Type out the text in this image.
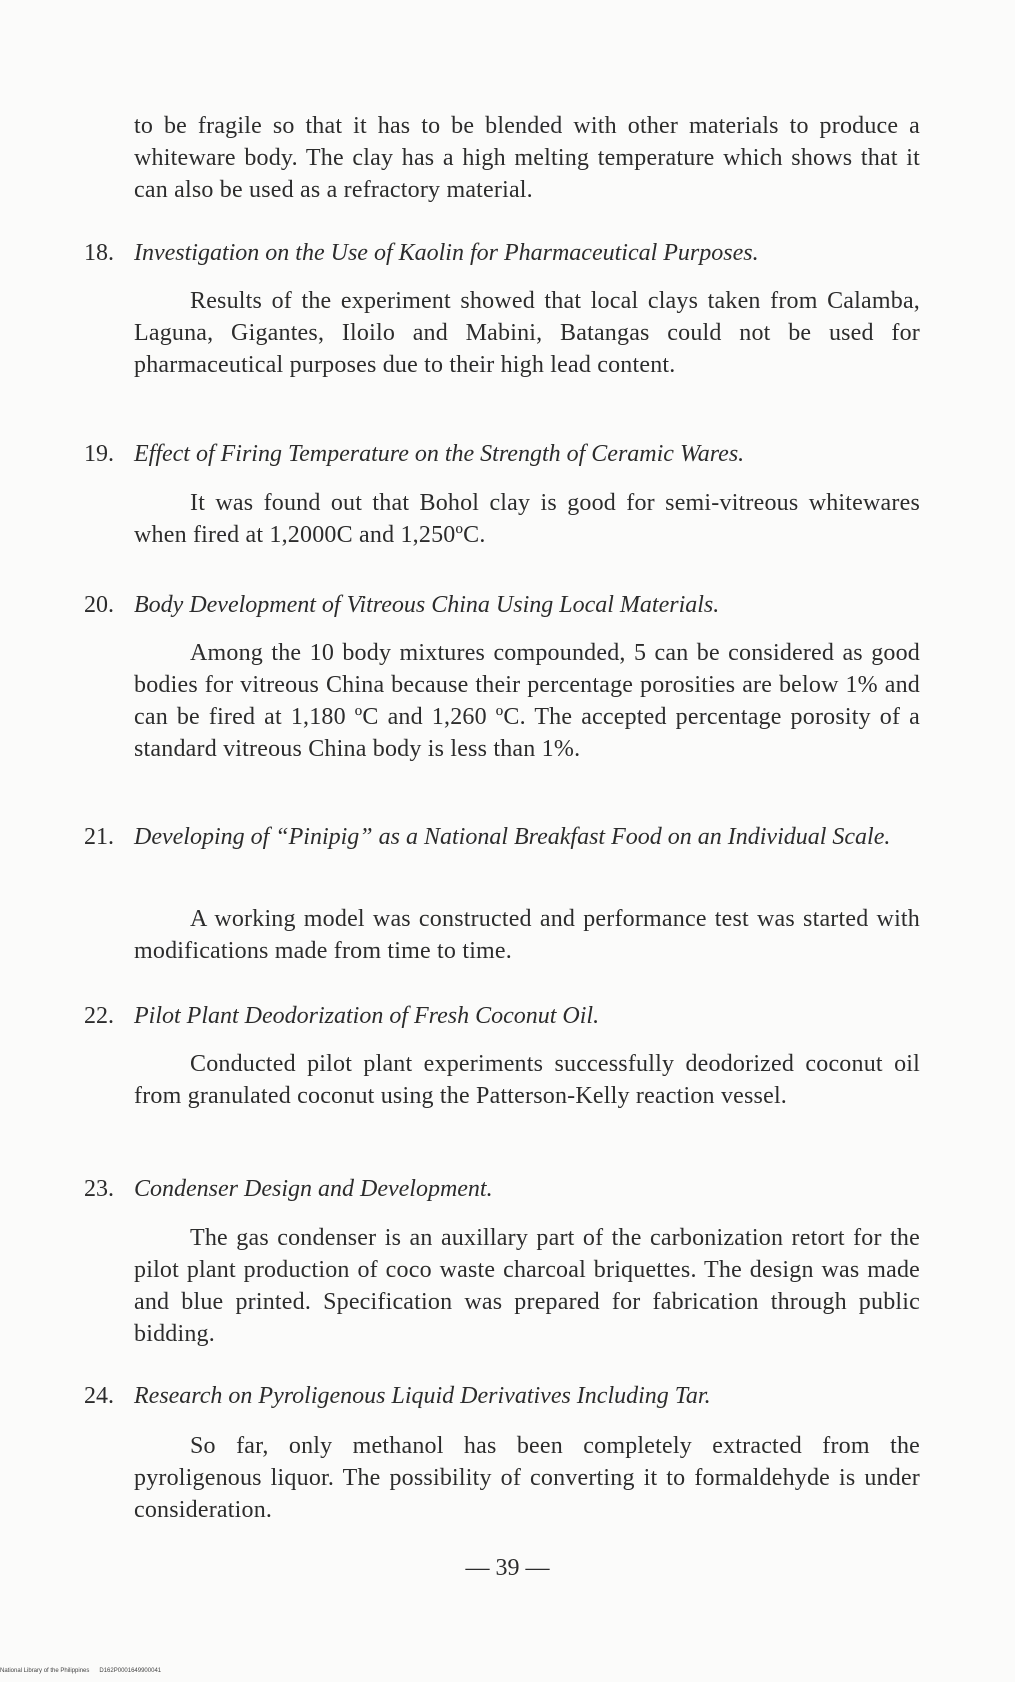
to be fragile so that it has to be blended with other materials to produce a whiteware body. The clay has a high melting temperature which shows that it can also be used as a refractory material.
18. Investigation on the Use of Kaolin for Pharmaceutical Purposes.
Results of the experiment showed that local clays taken from Calamba, Laguna, Gigantes, Iloilo and Mabini, Batangas could not be used for pharmaceutical purposes due to their high lead content.
19. Effect of Firing Temperature on the Strength of Ceramic Wares.
It was found out that Bohol clay is good for semi-vitreous whitewares when fired at 1,2000C and 1,250ºC.
20. Body Development of Vitreous China Using Local Materials.
Among the 10 body mixtures compounded, 5 can be considered as good bodies for vitreous China because their percentage porosities are below 1% and can be fired at 1,180 ºC and 1,260 ºC. The accepted percentage porosity of a standard vitreous China body is less than 1%.
21. Developing of “Pinipig” as a National Breakfast Food on an Individual Scale.
A working model was constructed and performance test was started with modifications made from time to time.
22. Pilot Plant Deodorization of Fresh Coconut Oil.
Conducted pilot plant experiments successfully deodorized coconut oil from granulated coconut using the Patterson-Kelly reaction vessel.
23. Condenser Design and Development.
The gas condenser is an auxillary part of the carbonization retort for the pilot plant production of coco waste charcoal briquettes. The design was made and blue printed. Specification was prepared for fabrication through public bidding.
24. Research on Pyroligenous Liquid Derivatives Including Tar.
So far, only methanol has been completely extracted from the pyroligenous liquor. The possibility of converting it to formaldehyde is under consideration.
— 39 —
National Library of the Philippines D162P0001649900041
